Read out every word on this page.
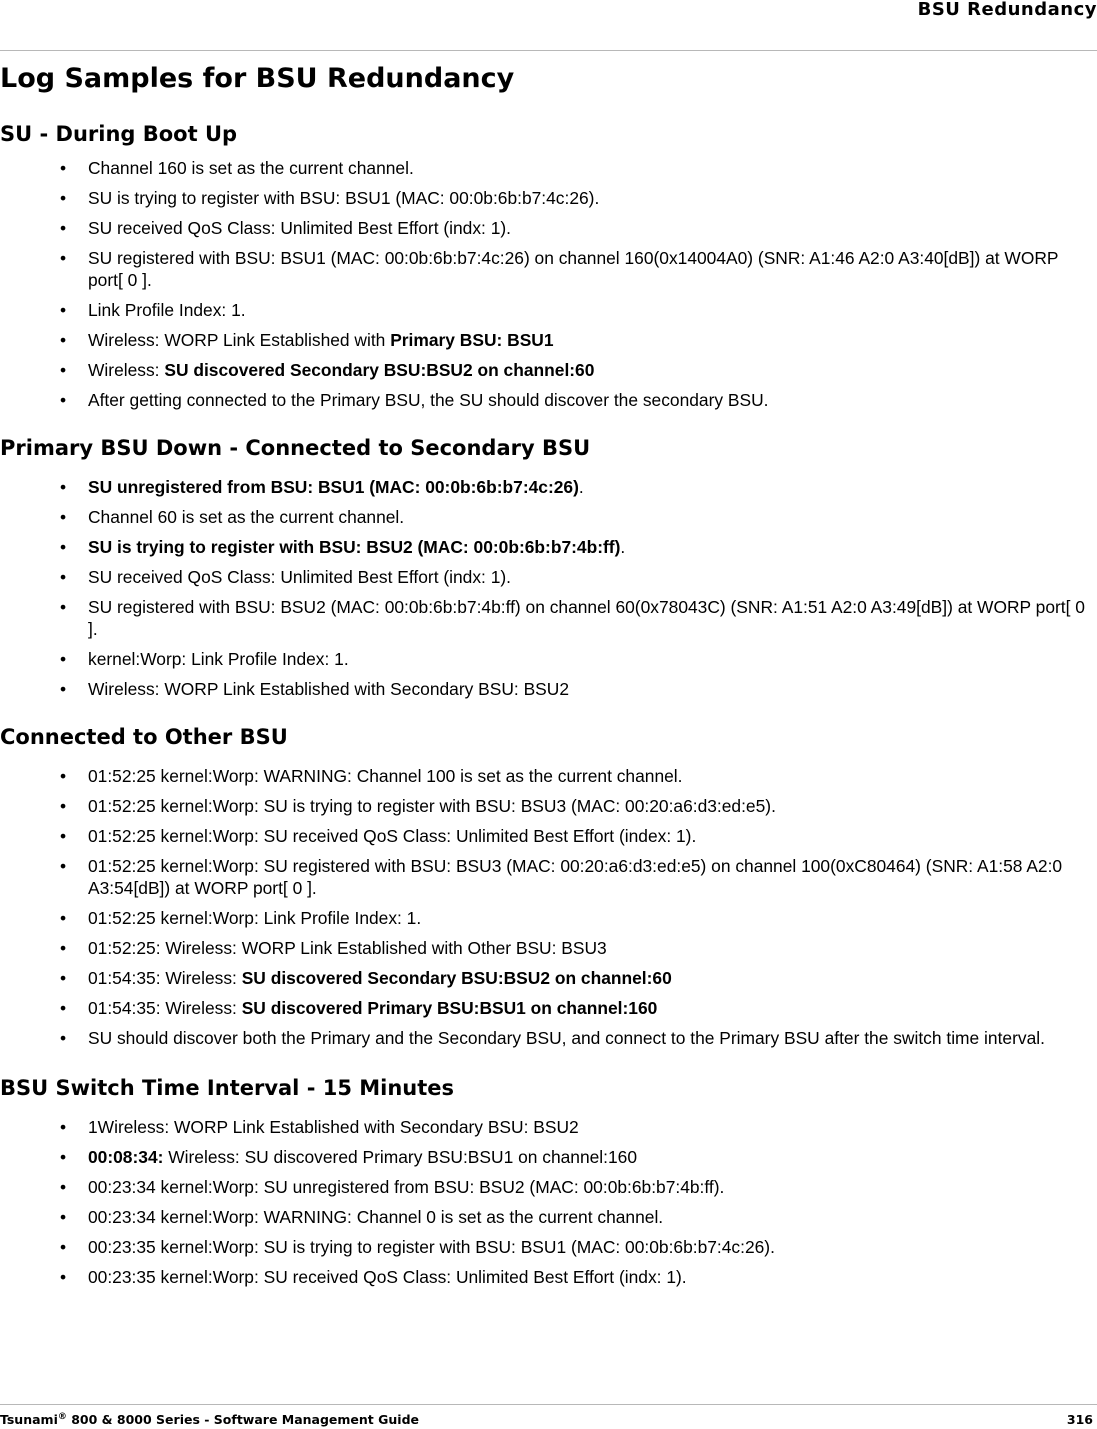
BSU Redundancy
Log Samples for BSU Redundancy
SU - During Boot Up
• Channel 160 is set as the current channel.
• SU is trying to register with BSU: BSU1 (MAC: 00:0b:6b:b7:4c:26).
• SU received QoS Class: Unlimited Best Effort (indx: 1).
• SU registered with BSU: BSU1 (MAC: 00:0b:6b:b7:4c:26) on channel 160(0x14004A0) (SNR: A1:46 A2:0 A3:40[dB]) at WORP port[ 0 ].
• Link Profile Index: 1.
• Wireless: WORP Link Established with Primary BSU: BSU1
• Wireless: SU discovered Secondary BSU:BSU2 on channel:60
• After getting connected to the Primary BSU, the SU should discover the secondary BSU.
Primary BSU Down - Connected to Secondary BSU
• SU unregistered from BSU: BSU1 (MAC: 00:0b:6b:b7:4c:26).
• Channel 60 is set as the current channel.
• SU is trying to register with BSU: BSU2 (MAC: 00:0b:6b:b7:4b:ff).
• SU received QoS Class: Unlimited Best Effort (indx: 1).
• SU registered with BSU: BSU2 (MAC: 00:0b:6b:b7:4b:ff) on channel 60(0x78043C) (SNR: A1:51 A2:0 A3:49[dB]) at WORP port[ 0 ].
• kernel:Worp: Link Profile Index: 1.
• Wireless: WORP Link Established with Secondary BSU: BSU2
Connected to Other BSU
• 01:52:25 kernel:Worp: WARNING: Channel 100 is set as the current channel.
• 01:52:25 kernel:Worp: SU is trying to register with BSU: BSU3 (MAC: 00:20:a6:d3:ed:e5).
• 01:52:25 kernel:Worp: SU received QoS Class: Unlimited Best Effort (index: 1).
• 01:52:25 kernel:Worp: SU registered with BSU: BSU3 (MAC: 00:20:a6:d3:ed:e5) on channel 100(0xC80464) (SNR: A1:58 A2:0 A3:54[dB]) at WORP port[ 0 ].
• 01:52:25 kernel:Worp: Link Profile Index: 1.
• 01:52:25: Wireless: WORP Link Established with Other BSU: BSU3
• 01:54:35: Wireless: SU discovered Secondary BSU:BSU2 on channel:60
• 01:54:35: Wireless: SU discovered Primary BSU:BSU1 on channel:160
• SU should discover both the Primary and the Secondary BSU, and connect to the Primary BSU after the switch time interval.
BSU Switch Time Interval - 15 Minutes
• 1Wireless: WORP Link Established with Secondary BSU: BSU2
• 00:08:34: Wireless: SU discovered Primary BSU:BSU1 on channel:160
• 00:23:34 kernel:Worp: SU unregistered from BSU: BSU2 (MAC: 00:0b:6b:b7:4b:ff).
• 00:23:34 kernel:Worp: WARNING: Channel 0 is set as the current channel.
• 00:23:35 kernel:Worp: SU is trying to register with BSU: BSU1 (MAC: 00:0b:6b:b7:4c:26).
• 00:23:35 kernel:Worp: SU received QoS Class: Unlimited Best Effort (indx: 1).
Tsunami® 800 & 8000 Series - Software Management Guide	316
